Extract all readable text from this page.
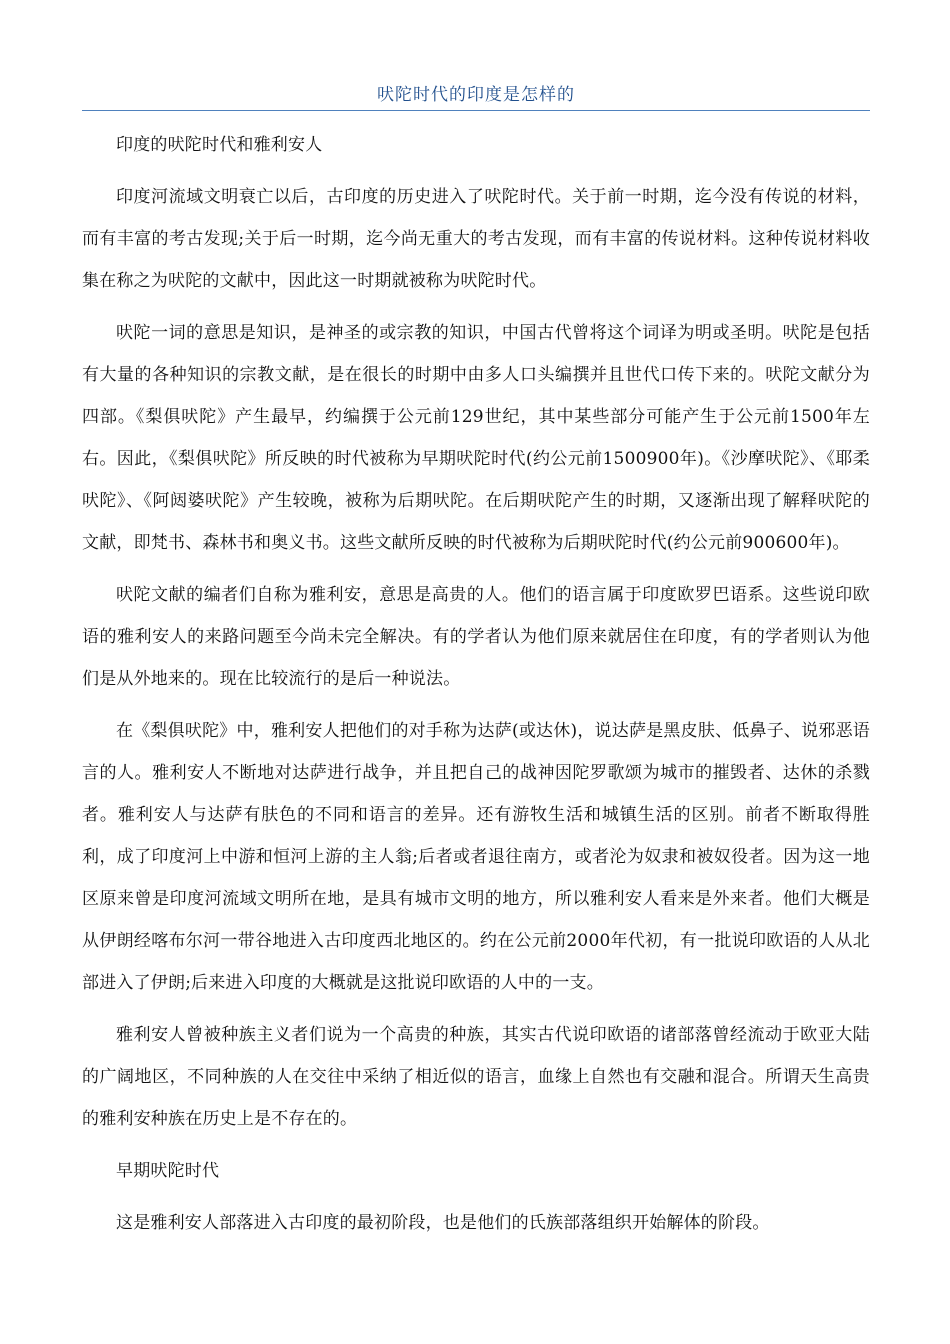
吠陀时代的印度是怎样的

印度的吠陀时代和雅利安人

印度河流域文明衰亡以后，古印度的历史进入了吠陀时代。关于前一时期，迄今没有传说的材料，而有丰富的考古发现;关于后一时期，迄今尚无重大的考古发现，而有丰富的传说材料。这种传说材料收集在称之为吠陀的文献中，因此这一时期就被称为吠陀时代。

吠陀一词的意思是知识，是神圣的或宗教的知识，中国古代曾将这个词译为明或圣明。吠陀是包括有大量的各种知识的宗教文献，是在很长的时期中由多人口头编撰并且世代口传下来的。吠陀文献分为四部。《梨俱吠陀》产生最早，约编撰于公元前129世纪，其中某些部分可能产生于公元前1500年左右。因此，《梨俱吠陀》所反映的时代被称为早期吠陀时代(约公元前1500900年)。《沙摩吠陀》、《耶柔吠陀》、《阿闼婆吠陀》产生较晚，被称为后期吠陀。在后期吠陀产生的时期，又逐渐出现了解释吠陀的文献，即梵书、森林书和奥义书。这些文献所反映的时代被称为后期吠陀时代(约公元前900600年)。

吠陀文献的编者们自称为雅利安，意思是高贵的人。他们的语言属于印度欧罗巴语系。这些说印欧语的雅利安人的来路问题至今尚未完全解决。有的学者认为他们原来就居住在印度，有的学者则认为他们是从外地来的。现在比较流行的是后一种说法。

在《梨俱吠陀》中，雅利安人把他们的对手称为达萨(或达休)，说达萨是黑皮肤、低鼻子、说邪恶语言的人。雅利安人不断地对达萨进行战争，并且把自己的战神因陀罗歌颂为城市的摧毁者、达休的杀戮者。雅利安人与达萨有肤色的不同和语言的差异。还有游牧生活和城镇生活的区别。前者不断取得胜利，成了印度河上中游和恒河上游的主人翁;后者或者退往南方，或者沦为奴隶和被奴役者。因为这一地区原来曾是印度河流域文明所在地，是具有城市文明的地方，所以雅利安人看来是外来者。他们大概是从伊朗经喀布尔河一带谷地进入古印度西北地区的。约在公元前2000年代初，有一批说印欧语的人从北部进入了伊朗;后来进入印度的大概就是这批说印欧语的人中的一支。

雅利安人曾被种族主义者们说为一个高贵的种族，其实古代说印欧语的诸部落曾经流动于欧亚大陆的广阔地区，不同种族的人在交往中采纳了相近似的语言，血缘上自然也有交融和混合。所谓天生高贵的雅利安种族在历史上是不存在的。

早期吠陀时代

这是雅利安人部落进入古印度的最初阶段，也是他们的氏族部落组织开始解体的阶段。
